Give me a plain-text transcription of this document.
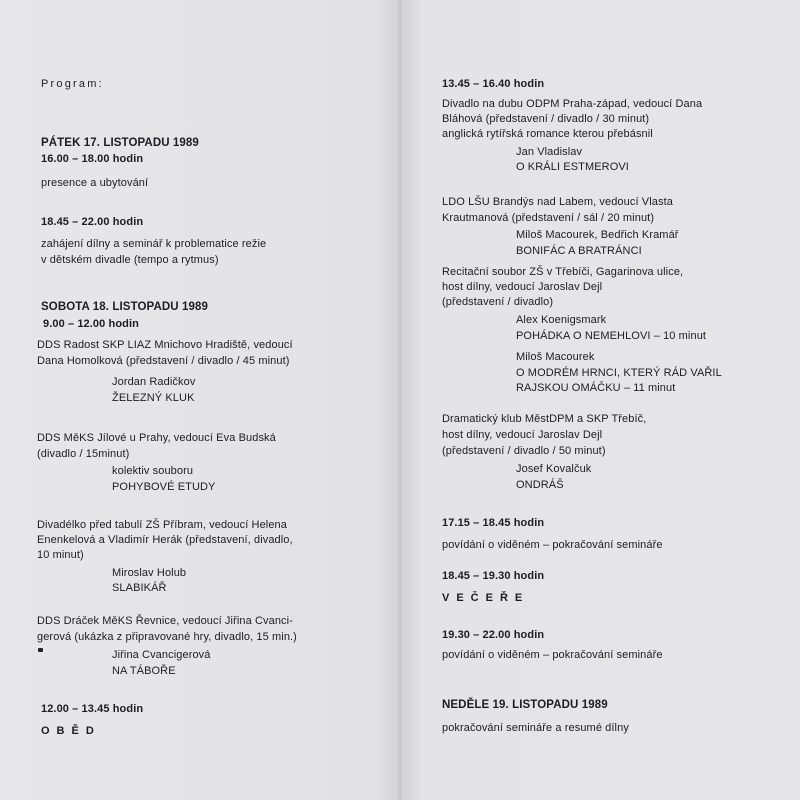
Program:
PÁTEK 17. LISTOPADU 1989
16.00 – 18.00 hodin
presence a ubytování
18.45 – 22.00 hodin
zahájení dílny a seminář k problematice režie
v dětském divadle (tempo a rytmus)
SOBOTA 18. LISTOPADU 1989
9.00 – 12.00 hodin
DDS Radost SKP LIAZ Mnichovo Hradiště, vedoucí
Dana Homolková (představení / divadlo / 45 minut)
Jordan Radičkov
ŽELEZNÝ KLUK
DDS MěKS Jílové u Prahy, vedoucí Eva Budská
(divadlo / 15minut)
kolektiv souboru
POHYBOVÉ ETUDY
Divadélko před tabulí ZŠ Příbram, vedoucí Helena
Enenkelová a Vladimír Herák (představení, divadlo,
10 minut)
Miroslav Holub
SLABIKÁŘ
DDS Dráček MěKS Řevnice, vedoucí Jiřina Cvanci-
gerová (ukázka z připravované hry, divadlo, 15 min.)
Jiřina Cvancigerová
NA TÁBOŘE
12.00 – 13.45 hodin
OBĚD
13.45 – 16.40 hodin
Divadlo na dubu ODPM Praha-západ, vedoucí Dana
Bláhová (představení / divadlo / 30 minut)
anglická rytířská romance kterou přebásnil
Jan Vladislav
O KRÁLI ESTMEROVI
LDO LŠU Brandýs nad Labem, vedoucí Vlasta
Krautmanová (představení / sál / 20 minut)
Miloš Macourek, Bedřich Kramář
BONIFÁC A BRATRÁNCI
Recitační soubor ZŠ v Třebíči, Gagarinova ulice,
host dílny, vedoucí Jaroslav Dejl
(představení / divadlo)
Alex Koenigsmark
POHÁDKA O NEMEHLOVI – 10 minut
Miloš Macourek
O MODRÉM HRNCI, KTERÝ RÁD VAŘIL
RAJSKOU OMÁČKU – 11 minut
Dramatický klub MěstDPM a SKP Třebíč,
host dílny, vedoucí Jaroslav Dejl
(představení / divadlo / 50 minut)
Josef Kovalčuk
ONDRÁŠ
17.15 – 18.45 hodin
povídání o viděném – pokračování semináře
18.45 – 19.30 hodin
VEČEŘE
19.30 – 22.00 hodin
povídání o viděném – pokračování semináře
NEDĚLE 19. LISTOPADU 1989
pokračování semináře a resumé dílny
